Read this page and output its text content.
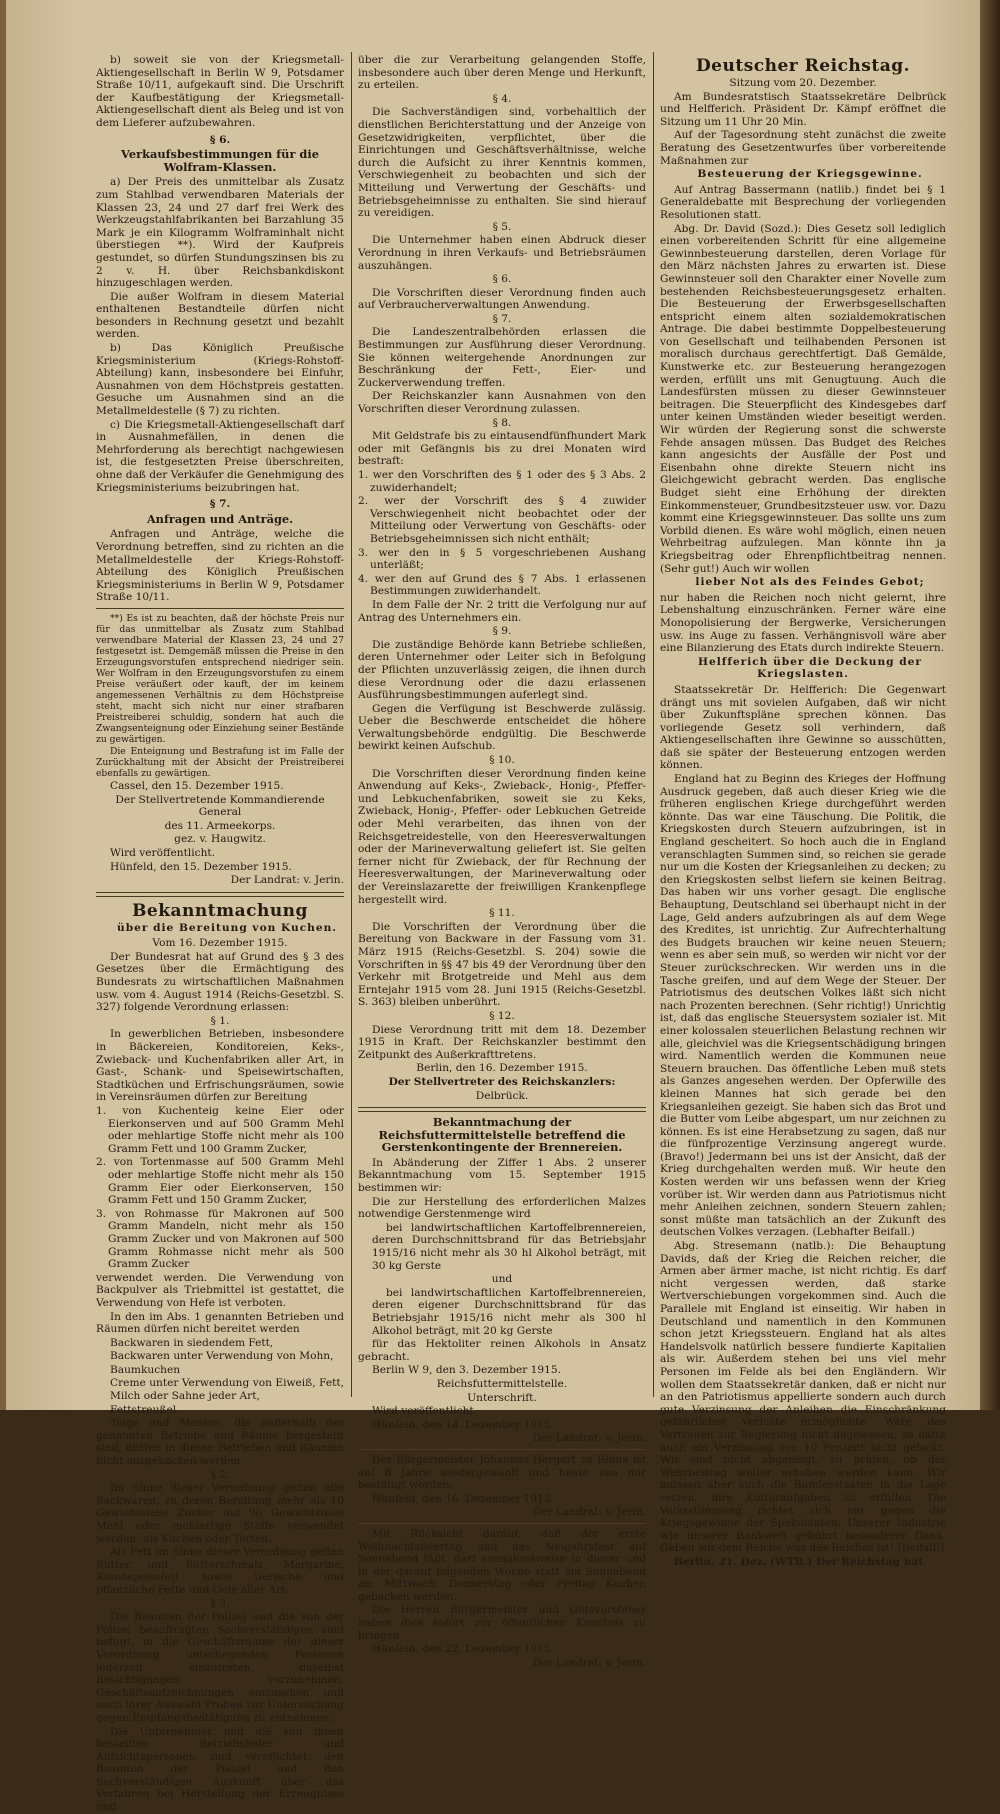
b) soweit sie von der Kriegsmetall-Aktiengesellschaft in Berlin W 9, Potsdamer Straße 10/11, aufgekauft sind. Die Urschrift der Kaufbestätigung der Kriegsmetall-Aktiengesellschaft dient als Beleg und ist von dem Lieferer aufzubewahren.

§ 6.

Verkaufsbestimmungen für die Wolfram-Klassen.

a) Der Preis des unmittelbar als Zusatz zum Stahlbad verwendbaren Materials der Klassen 23, 24 und 27 darf frei Werk des Werkzeugstahlfabrikanten bei Barzahlung 35 Mark je ein Kilogramm Wolframinhalt nicht überstiegen **). Wird der Kaufpreis gestundet, so dürfen Stundungszinsen bis zu 2 v. H. über Reichsbankdiskont hinzugeschlagen werden.

Die außer Wolfram in diesem Material enthaltenen Bestandteile dürfen nicht besonders in Rechnung gesetzt und bezahlt werden.

b) Das Königlich Preußische Kriegsministerium (Kriegs-Rohstoff-Abteilung) kann, insbesondere bei Einfuhr, Ausnahmen von dem Höchstpreis gestatten. Gesuche um Ausnahmen sind an die Metallmeldestelle (§ 7) zu richten.

c) Die Kriegsmetall-Aktiengesellschaft darf in Ausnahmefällen, in denen die Mehrforderung als berechtigt nachgewiesen ist, die festgesetzten Preise überschreiten, ohne daß der Verkäufer die Genehmigung des Kriegsministeriums beizubringen hat.

§ 7.

Anfragen und Anträge.

Anfragen und Anträge, welche die Verordnung betreffen, sind zu richten an die Metallmeldestelle der Kriegs-Rohstoff-Abteilung des Königlich Preußischen Kriegsministeriums in Berlin W 9, Potsdamer Straße 10/11.

**) Es ist zu beachten, daß der höchste Preis nur für das unmittelbar als Zusatz zum Stahlbad verwendbare Material der Klassen 23, 24 und 27 festgesetzt ist. Demgemäß müssen die Preise in den Erzeugungsvorstufen entsprechend niedriger sein. Wer Wolfram in den Erzeugungsvorstufen zu einem Preise veräußert oder kauft, der im keinem angemessenen Verhältnis zu dem Höchstpreise steht, macht sich nicht nur einer strafbaren Preistreiberei schuldig, sondern hat auch die Zwangsenteignung oder Einziehung seiner Bestände zu gewärtigen.

Die Enteignung und Bestrafung ist im Falle der Zurückhaltung mit der Absicht der Preistreiberei ebenfalls zu gewärtigen.

Cassel, den 15. Dezember 1915.

Der Stellvertretende Kommandierende General

des 11. Armeekorps.

gez. v. Haugwitz.

Wird veröffentlicht.

Hünfeld, den 15. Dezember 1915.

Der Landrat: v. Jerin.

Bekanntmachung

über die Bereitung von Kuchen.

Vom 16. Dezember 1915.

Der Bundesrat hat auf Grund des § 3 des Gesetzes über die Ermächtigung des Bundesrats zu wirtschaftlichen Maßnahmen usw. vom 4. August 1914 (Reichs-Gesetzbl. S. 327) folgende Verordnung erlassen:

§ 1.

In gewerblichen Betrieben, insbesondere in Bäckereien, Konditoreien, Keks-, Zwieback- und Kuchenfabriken aller Art, in Gast-, Schank- und Speisewirtschaften, Stadtküchen und Erfrischungsräumen, sowie in Vereinsräumen dürfen zur Bereitung

1. von Kuchenteig keine Eier oder Eierkonserven und auf 500 Gramm Mehl oder mehlartige Stoffe nicht mehr als 100 Gramm Fett und 100 Gramm Zucker,

2. von Tortenmasse auf 500 Gramm Mehl oder mehlartige Stoffe nicht mehr als 150 Gramm Eier oder Eierkonserven, 150 Gramm Fett und 150 Gramm Zucker,

3. von Rohmasse für Makronen auf 500 Gramm Mandeln, nicht mehr als 150 Gramm Zucker und von Makronen auf 500 Gramm Rohmasse nicht mehr als 500 Gramm Zucker

verwendet werden. Die Verwendung von Backpulver als Triebmittel ist gestattet, die Verwendung von Hefe ist verboten.

In den im Abs. 1 genannten Betrieben und Räumen dürfen nicht bereitet werden

Backwaren in siedendem Fett,

Backwaren unter Verwendung von Mohn,

Baumkuchen

Creme unter Verwendung von Eiweiß, Fett, Milch oder Sahne jeder Art,

Fettstreußel.

Teige und Massen, die außerhalb der genannten Betriebe und Räume hergestellt sind, dürfen in diesen Betrieben und Räumen nicht ausgebacken werden.

§ 2.

Im Sinne dieser Verordnung gelten alle Backwaren, zu deren Bereitung mehr als 10 Gewichtsteile Zucker auf 90 Gewichtsteile Mehl oder mehlartige Stoffe verwendet werden, als Kuchen oder Torten.

Als Fett im Sinne dieser Verordnung gelten Butter und Butterschmalz, Margarine, Kunstspeisefett sowie tierische und pflanzliche Fette und Oele aller Art.

§ 3.

Die Beamten der Polizei und die von der Polizei beauftragten Sachverständigen sind befugt, in die Geschäftsräume der dieser Verordnung unterliegenden Personen jederzeit einzutreten, daselbst Besichtigungen vorzunehmen, Geschäftsaufzeichnungen einzusehen und nach ihrer Auswahl Proben zur Untersuchung gegen Empfangsbestätigung zu entnehmen.

Die Unternehmer und die von ihnen bestellten Betriebsleiter und Aufsichtspersonen sind verpflichtet, den Beamten der Polizei und den Sachverständigen Auskunft über das Verfahren bei Herstellung der Erzeugnisse und

über die zur Verarbeitung gelangenden Stoffe, insbesondere auch über deren Menge und Herkunft, zu erteilen.

§ 4.

Die Sachverständigen sind, vorbehaltlich der dienstlichen Berichterstattung und der Anzeige von Gesetzwidrigkeiten, verpflichtet, über die Einrichtungen und Geschäftsverhältnisse, welche durch die Aufsicht zu ihrer Kenntnis kommen, Verschwiegenheit zu beobachten und sich der Mitteilung und Verwertung der Geschäfts- und Betriebsgeheimnisse zu enthalten. Sie sind hierauf zu vereidigen.

§ 5.

Die Unternehmer haben einen Abdruck dieser Verordnung in ihren Verkaufs- und Betriebsräumen auszuhängen.

§ 6.

Die Vorschriften dieser Verordnung finden auch auf Verbraucherverwaltungen Anwendung.

§ 7.

Die Landeszentralbehörden erlassen die Bestimmungen zur Ausführung dieser Verordnung. Sie können weitergehende Anordnungen zur Beschränkung der Fett-, Eier- und Zuckerverwendung treffen.

Der Reichskanzler kann Ausnahmen von den Vorschriften dieser Verordnung zulassen.

§ 8.

Mit Geldstrafe bis zu eintausendfünfhundert Mark oder mit Gefängnis bis zu drei Monaten wird bestraft:

1. wer den Vorschriften des § 1 oder des § 3 Abs. 2 zuwiderhandelt;

2. wer der Vorschrift des § 4 zuwider Verschwiegenheit nicht beobachtet oder der Mitteilung oder Verwertung von Geschäfts- oder Betriebsgeheimnissen sich nicht enthält;

3. wer den in § 5 vorgeschriebenen Aushang unterläßt;

4. wer den auf Grund des § 7 Abs. 1 erlassenen Bestimmungen zuwiderhandelt.

In dem Falle der Nr. 2 tritt die Verfolgung nur auf Antrag des Unternehmers ein.

§ 9.

Die zuständige Behörde kann Betriebe schließen, deren Unternehmer oder Leiter sich in Befolgung der Pflichten unzuverlässig zeigen, die ihnen durch diese Verordnung oder die dazu erlassenen Ausführungsbestimmungen auferlegt sind.

Gegen die Verfügung ist Beschwerde zulässig. Ueber die Beschwerde entscheidet die höhere Verwaltungsbehörde endgültig. Die Beschwerde bewirkt keinen Aufschub.

§ 10.

Die Vorschriften dieser Verordnung finden keine Anwendung auf Keks-, Zwieback-, Honig-, Pfeffer- und Lebkuchenfabriken, soweit sie zu Keks, Zwieback, Honig-, Pfeffer- oder Lebkuchen Getreide oder Mehl verarbeiten, das ihnen von der Reichsgetreidestelle, von den Heeresverwaltungen oder der Marineverwaltung geliefert ist. Sie gelten ferner nicht für Zwieback, der für Rechnung der Heeresverwaltungen, der Marineverwaltung oder der Vereinslazarette der freiwilligen Krankenpflege hergestellt wird.

§ 11.

Die Vorschriften der Verordnung über die Bereitung von Backware in der Fassung vom 31. März 1915 (Reichs-Gesetzbl. S. 204) sowie die Vorschriften in §§ 47 bis 49 der Verordnung über den Verkehr mit Brotgetreide und Mehl aus dem Erntejahr 1915 vom 28. Juni 1915 (Reichs-Gesetzbl. S. 363) bleiben unberührt.

§ 12.

Diese Verordnung tritt mit dem 18. Dezember 1915 in Kraft. Der Reichskanzler bestimmt den Zeitpunkt des Außerkrafttretens.

Berlin, den 16. Dezember 1915.

Der Stellvertreter des Reichskanzlers:

Delbrück.

Bekanntmachung der Reichsfuttermittelstelle betreffend die Gerstenkontingente der Brennereien.

In Abänderung der Ziffer 1 Abs. 2 unserer Bekanntmachung vom 15. September 1915 bestimmen wir:

Die zur Herstellung des erforderlichen Malzes notwendige Gerstenmenge wird

bei landwirtschaftlichen Kartoffelbrennereien, deren Durchschnittsbrand für das Betriebsjahr 1915/16 nicht mehr als 30 hl Alkohol beträgt, mit 30 kg Gerste

und

bei landwirtschaftlichen Kartoffelbrennereien, deren eigener Durchschnittsbrand für das Betriebsjahr 1915/16 nicht mehr als 300 hl Alkohol beträgt, mit 20 kg Gerste

für das Hektoliter reinen Alkohols in Ansatz gebracht.

Berlin W 9, den 3. Dezember 1915.

Reichsfuttermittelstelle.

Unterschrift.

Wird veröffentlicht.

Hünfeld, den 14. Dezember 1915.

Der Landrat: v. Jerin.

Der Bürgermeister Johannes Hergert zu Rhina ist auf 8 Jahre wiedergewählt und heute von mir bestätigt worden.

Hünfeld, den 16. Dezember 1915.

Der Landrat: v. Jerin.

Mit Rücksicht darauf, daß der erste Weihnachtsfeiertag und das Neujahrsfest auf Sonnabend fällt, darf ausnahmsweise in dieser und in der darauf folgenden Woche statt am Sonnabend am Mittwoch, Donnerstag oder Freitag Kuchen gebacken werden.

Die Herren Bürgermeister und Gutsvorsteher haben dies sofort zur öffentlichen Kenntnis zu bringen.

Hünfeld, den 22. Dezember 1915.

Der Landrat: v. Jerin.

Deutscher Reichstag.

Sitzung vom 20. Dezember.

Am Bundesratstisch Staatssekretäre Delbrück und Helfferich. Präsident Dr. Kämpf eröffnet die Sitzung um 11 Uhr 20 Min.

Auf der Tagesordnung steht zunächst die zweite Beratung des Gesetzentwurfes über vorbereitende Maßnahmen zur

Besteuerung der Kriegsgewinne.

Auf Antrag Bassermann (natlib.) findet bei § 1 Generaldebatte mit Besprechung der vorliegenden Resolutionen statt.

Abg. Dr. David (Sozd.): Dies Gesetz soll lediglich einen vorbereitenden Schritt für eine allgemeine Gewinnbesteuerung darstellen, deren Vorlage für den März nächsten Jahres zu erwarten ist. Diese Gewinnsteuer soll den Charakter einer Novelle zum bestehenden Reichsbesteuerungsgesetz erhalten. Die Besteuerung der Erwerbsgesellschaften entspricht einem alten sozialdemokratischen Antrage. Die dabei bestimmte Doppelbesteuerung von Gesellschaft und teilhabenden Personen ist moralisch durchaus gerechtfertigt. Daß Gemälde, Kunstwerke etc. zur Besteuerung herangezogen werden, erfüllt uns mit Genugtuung. Auch die Landesfürsten müssen zu dieser Gewinnsteuer beitragen. Die Steuerpflicht des Kindesgebes darf unter keinen Umständen wieder beseitigt werden. Wir würden der Regierung sonst die schwerste Fehde ansagen müssen. Das Budget des Reiches kann angesichts der Ausfälle der Post und Eisenbahn ohne direkte Steuern nicht ins Gleichgewicht gebracht werden. Das englische Budget sieht eine Erhöhung der direkten Einkommensteuer, Grundbesitzsteuer usw. vor. Dazu kommt eine Kriegsgewinnsteuer. Das sollte uns zum Vorbild dienen. Es wäre wohl möglich, einen neuen Wehrbeitrag aufzulegen. Man könnte ihn ja Kriegsbeitrag oder Ehrenpflichtbeitrag nennen. (Sehr gut!) Auch wir wollen

lieber Not als des Feindes Gebot;

nur haben die Reichen noch nicht gelernt, ihre Lebenshaltung einzuschränken. Ferner wäre eine Monopolisierung der Bergwerke, Versicherungen usw. ins Auge zu fassen. Verhängnisvoll wäre aber eine Bilanzierung des Etats durch indirekte Steuern.

Helfferich über die Deckung der Kriegslasten.

Staatssekretär Dr. Helfferich: Die Gegenwart drängt uns mit sovielen Aufgaben, daß wir nicht über Zukunftspläne sprechen können. Das vorliegende Gesetz soll verhindern, daß Aktiengesellschaften ihre Gewinne so ausschütten, daß sie später der Besteuerung entzogen werden können.

England hat zu Beginn des Krieges der Hoffnung Ausdruck gegeben, daß auch dieser Krieg wie die früheren englischen Kriege durchgeführt werden könnte. Das war eine Täuschung. Die Politik, die Kriegskosten durch Steuern aufzubringen, ist in England gescheitert. So hoch auch die in England veranschlagten Summen sind, so reichen sie gerade nur um die Kosten der Kriegsanleihen zu decken; zu den Kriegskosten selbst liefern sie keinen Beitrag. Das haben wir uns vorher gesagt. Die englische Behauptung, Deutschland sei überhaupt nicht in der Lage, Geld anders aufzubringen als auf dem Wege des Kredites, ist unrichtig. Zur Aufrechterhaltung des Budgets brauchen wir keine neuen Steuern; wenn es aber sein muß, so werden wir nicht vor der Steuer zurückschrecken. Wir werden uns in die Tasche greifen, und auf dem Wege der Steuer. Der Patriotismus des deutschen Volkes läßt sich nicht nach Prozenten berechnen. (Sehr richtig!) Unrichtig ist, daß das englische Steuersystem sozialer ist. Mit einer kolossalen steuerlichen Belastung rechnen wir alle, gleichviel was die Kriegsentschädigung bringen wird. Namentlich werden die Kommunen neue Steuern brauchen. Das öffentliche Leben muß stets als Ganzes angesehen werden. Der Opferwille des kleinen Mannes hat sich gerade bei den Kriegsanleihen gezeigt. Sie haben sich das Brot und die Butter vom Leibe abgespart, um nur zeichnen zu können. Es ist eine Herabsetzung zu sagen, daß nur die fünfprozentige Verzinsung angeregt wurde. (Bravo!) Jedermann bei uns ist der Ansicht, daß der Krieg durchgehalten werden muß. Wir heute den Kosten werden wir uns befassen wenn der Krieg vorüber ist. Wir werden dann aus Patriotismus nicht mehr Anleihen zeichnen, sondern Steuern zahlen; sonst müßte man tatsächlich an der Zukunft des deutschen Volkes verzagen. (Lebhafter Beifall.)

Abg. Stresemann (natlb.): Die Behauptung Davids, daß der Krieg die Reichen reicher, die Armen aber ärmer mache, ist nicht richtig. Es darf nicht vergessen werden, daß starke Wertverschiebungen vorgekommen sind. Auch die Parallele mit England ist einseitig. Wir haben in Deutschland und namentlich in den Kommunen schon jetzt Kriegssteuern. England hat als altes Handelsvolk natürlich bessere fundierte Kapitalien als wir. Außerdem stehen bei uns viel mehr Personen im Felde als bei den Engländern. Wir wollen dem Staatssekretär danken, daß er nicht nur an den Patriotismus appellierte sondern auch durch gute Verzinsung der Anleihen die Einschränkung gefährlicher Verluste ermöglichte. Wäre das Vertrauen zur Regierung nicht dagewesen, so hätte auch ein Verzinsung von 10 Prozent nicht gelockt. Wir sind nicht abgeneigt, zu prüfen, ob der Wehrbeitrag weiter erhoben werden kann. Wir müssen aber auch die Bundesstaaten in die Lage setzen, ihre Kulturaufgaben zu erfüllen. Die Volksstimmung richtet sich nur gegen die Kriegsgewinne der Spekulanten. Unserer Industrie wie unserer Bankwelt gebührt besonderer Dank. Geben wir dem Reiche was des Reiches ist! (Beifall!)

Berlin, 21. Dez. (WTB.) Der Reichstag hat
